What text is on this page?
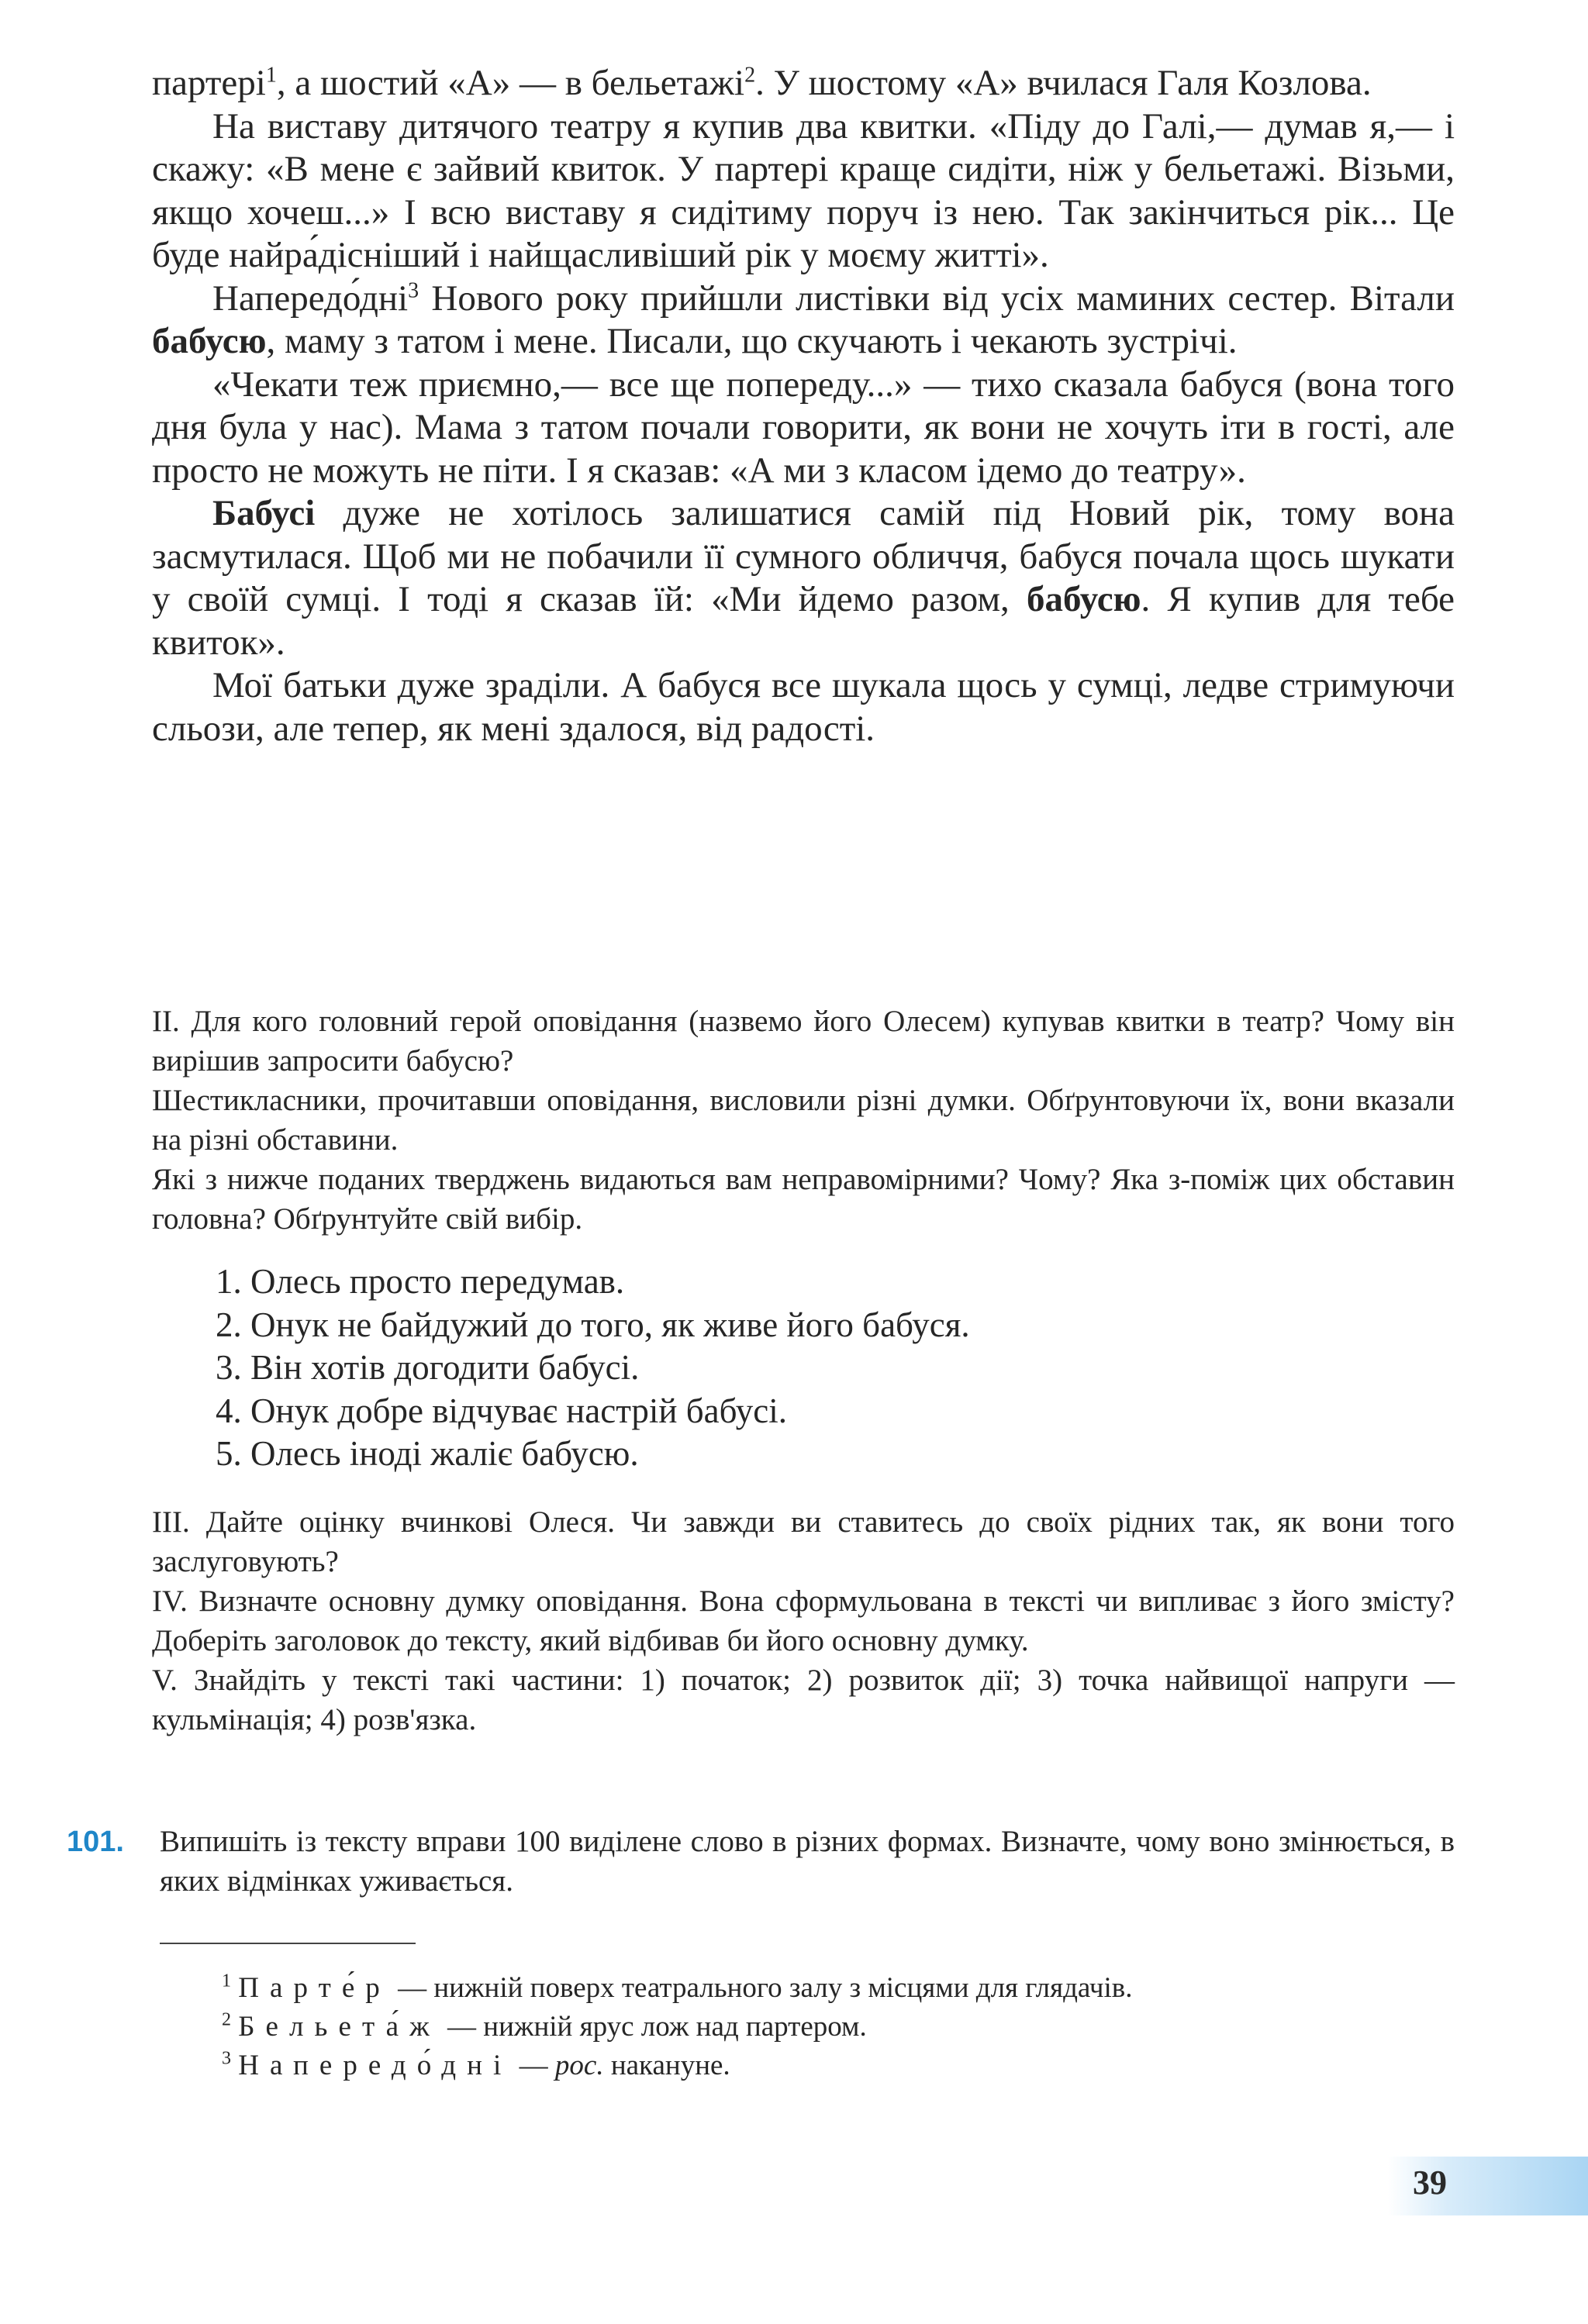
партері$^1$, а шостий «А» — в бельетажі$^2$. У шостому «А» вчилася Галя Козлова.

На виставу дитячого театру я купив два квитки. «Піду до Галі,— думав я,— і скажу: «В мене є зайвий квиток. У партері краще сидіти, ніж у бельетажі. Візьми, якщо хочеш...» І всю виставу я сидітиму поруч із нею. Так закінчиться рік... Це буде найра́дісніший і найщасливіший рік у моєму житті».

Напередо́дні$^3$ Нового року прийшли листівки від усіх маминих сестер. Вітали бабусю, маму з татом і мене. Писали, що скучають і чекають зустрічі.

«Чекати теж приємно,— все ще попереду...» — тихо сказала бабуся (вона того дня була у нас). Мама з татом почали говорити, як вони не хочуть іти в гості, але просто не можуть не піти. І я сказав: «А ми з класом ідемо до театру».

Бабусі дуже не хотілось залишатися самій під Новий рік, тому вона засмутилася. Щоб ми не побачили її сумного обличчя, бабуся почала щось шукати у своїй сумці. І тоді я сказав їй: «Ми йдемо разом, бабусю. Я купив для тебе квиток».

Мої батьки дуже зраділи. А бабуся все шукала щось у сумці, ледве стримуючи сльози, але тепер, як мені здалося, від радості.

II. Для кого головний герой оповідання (назвемо його Олесем) купував квитки в театр? Чому він вирішив запросити бабусю?

Шестикласники, прочитавши оповідання, висловили різні думки. Обґрунтовуючи їх, вони вказали на різні обставини.

Які з нижче поданих тверджень видаються вам неправомірними? Чому? Яка з-поміж цих обставин головна? Обґрунтуйте свій вибір.

1. Олесь просто передумав.
2. Онук не байдужий до того, як живе його бабуся.
3. Він хотів догодити бабусі.
4. Онук добре відчуває настрій бабусі.
5. Олесь іноді жаліє бабусю.

III. Дайте оцінку вчинкові Олеся. Чи завжди ви ставитесь до своїх рідних так, як вони того заслуговують?

IV. Визначте основну думку оповідання. Вона сформульована в тексті чи випливає з його змісту? Доберіть заголовок до тексту, який відбивав би його основну думку.

V. Знайдіть у тексті такі частини: 1) початок; 2) розвиток дії; 3) точка найвищої напруги — кульмінація; 4) розв'язка.

101. Випишіть із тексту вправи 100 виділене слово в різних формах. Визначте, чому воно змінюється, в яких відмінках уживається.

$^1$ Парте́р — нижній поверх театрального залу з місцями для глядачів.

$^2$ Бельета́ж — нижній ярус лож над партером.

$^3$ Напередо́дні — рос. накануне.

39
